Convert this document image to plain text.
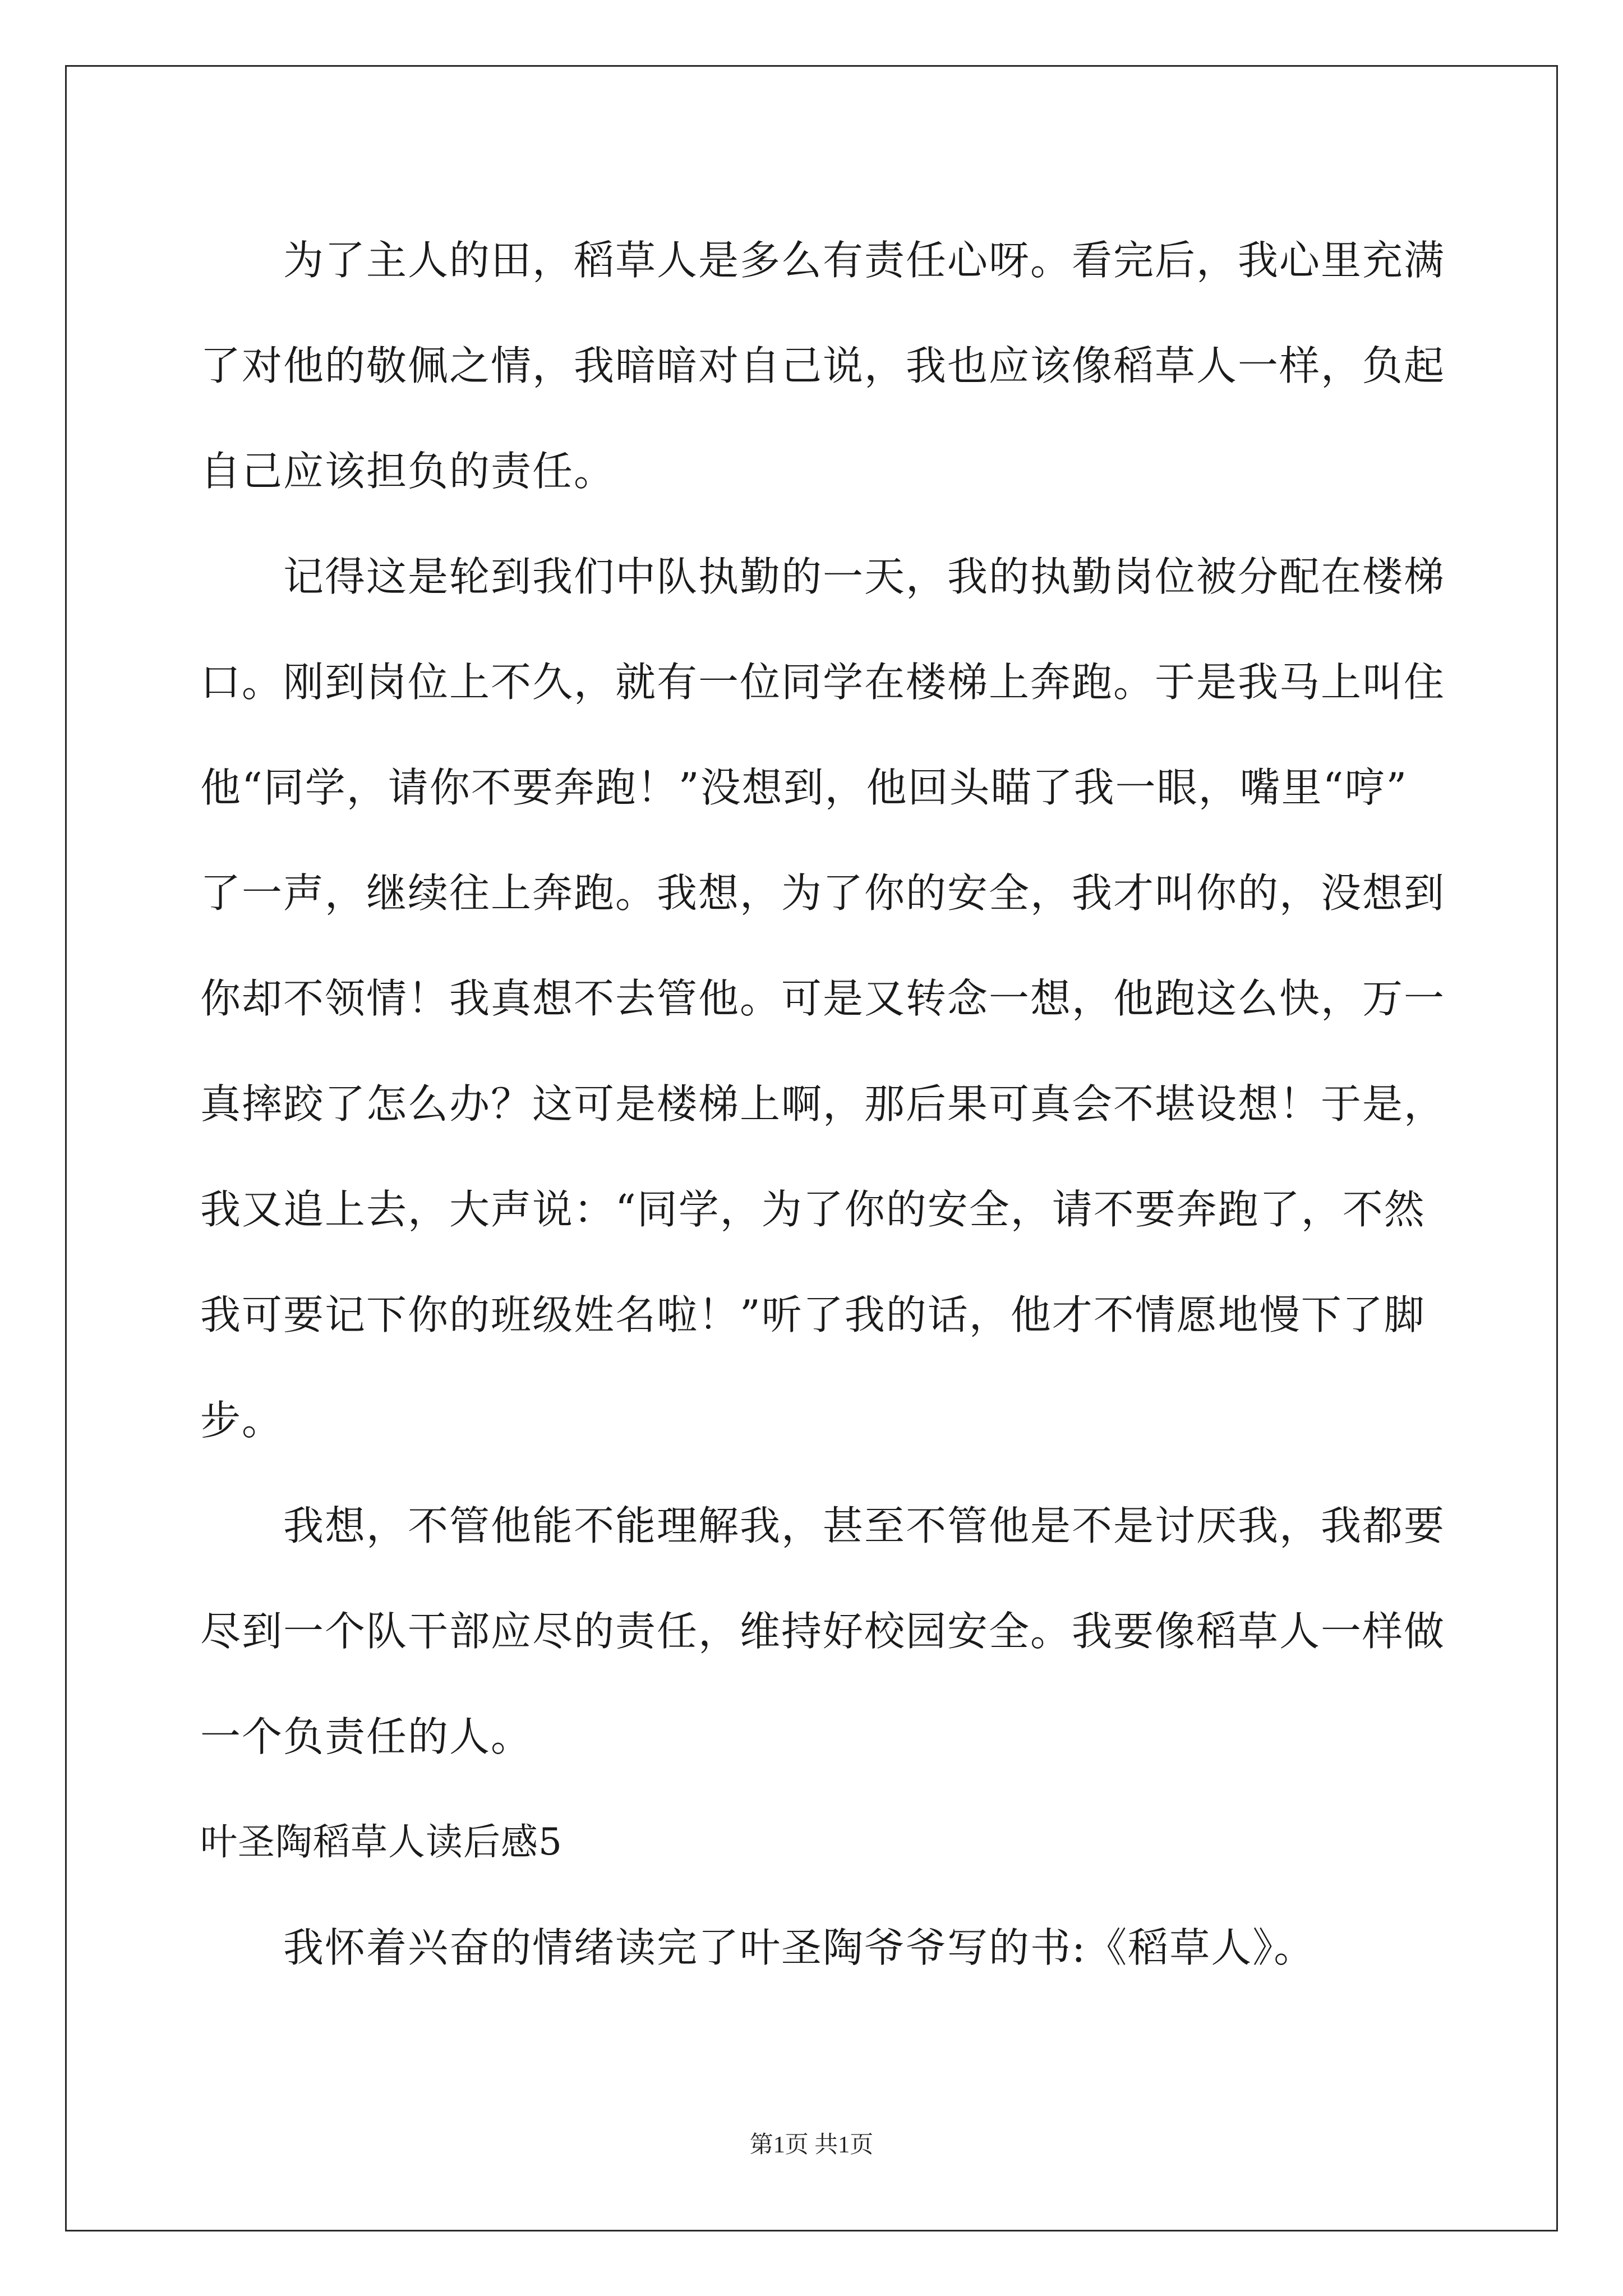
为了主人的田，稻草人是多么有责任心呀。看完后，我心里充满
了对他的敬佩之情，我暗暗对自己说，我也应该像稻草人一样，负起
自己应该担负的责任。
记得这是轮到我们中队执勤的一天，我的执勤岗位被分配在楼梯
口。刚到岗位上不久，就有一位同学在楼梯上奔跑。于是我马上叫住
他“同学，请你不要奔跑！”没想到，他回头瞄了我一眼，嘴里“哼”
了一声，继续往上奔跑。我想，为了你的安全，我才叫你的，没想到
你却不领情！我真想不去管他。可是又转念一想，他跑这么快，万一
真摔跤了怎么办？这可是楼梯上啊，那后果可真会不堪设想！于是，
我又追上去，大声说：“同学，为了你的安全，请不要奔跑了，不然
我可要记下你的班级姓名啦！”听了我的话，他才不情愿地慢下了脚
步。
我想，不管他能不能理解我，甚至不管他是不是讨厌我，我都要
尽到一个队干部应尽的责任，维持好校园安全。我要像稻草人一样做
一个负责任的人。
叶圣陶稻草人读后感5
我怀着兴奋的情绪读完了叶圣陶爷爷写的书:《稻草人》。
第1页 共1页
